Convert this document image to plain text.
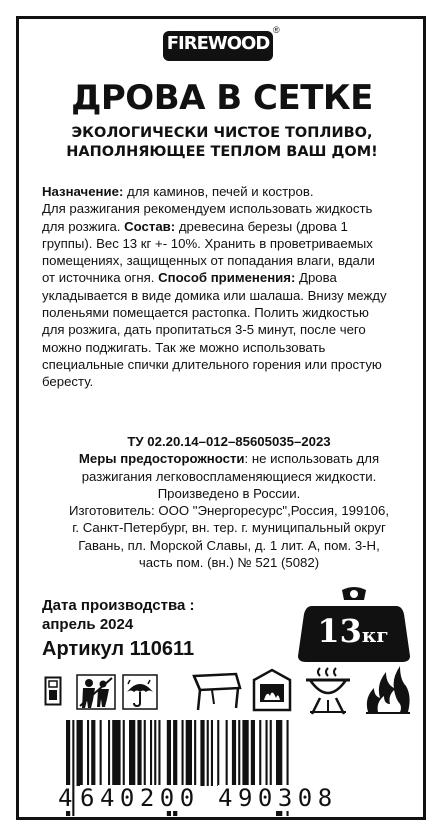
FIREWOOD
®
ДРОВА В СЕТКЕ
ЭКОЛОГИЧЕСКИ ЧИСТОЕ ТОПЛИВО,
НАПОЛНЯЮЩЕЕ ТЕПЛОМ ВАШ ДОМ!
Назначение: для каминов, печей и костров.
Для разжигания рекомендуем использовать жидкость
для розжига. Состав: древесина березы (дрова 1
группы). Вес 13 кг +- 10%. Хранить в проветриваемых
помещениях, защищенных от попадания влаги, вдали
от источника огня. Способ применения: Дрова
укладывается в виде домика или шалаша. Внизу между
поленьями помещается растопка. Полить жидкостью
для розжига, дать пропитаться 3-5 минут, после чего
можно поджигать. Так же можно использовать
специальные спички длительного горения или простую
бересту.
ТУ 02.20.14–012–85605035–2023
Меры предосторожности: не использовать для
разжигания легковоспламеняющиеся жидкости.
Произведено в России.
Изготовитель: ООО "Энергоресурс",Россия, 199106,
г. Санкт-Петербург, вн. тер. г. муниципальный округ
Гавань, пл. Морской Славы, д. 1 лит. А, пом. 3-Н,
часть пом. (вн.) № 521 (5082)
Дата производства :
апрель 2024
Артикул 110611	13кг
4 640200 490308
